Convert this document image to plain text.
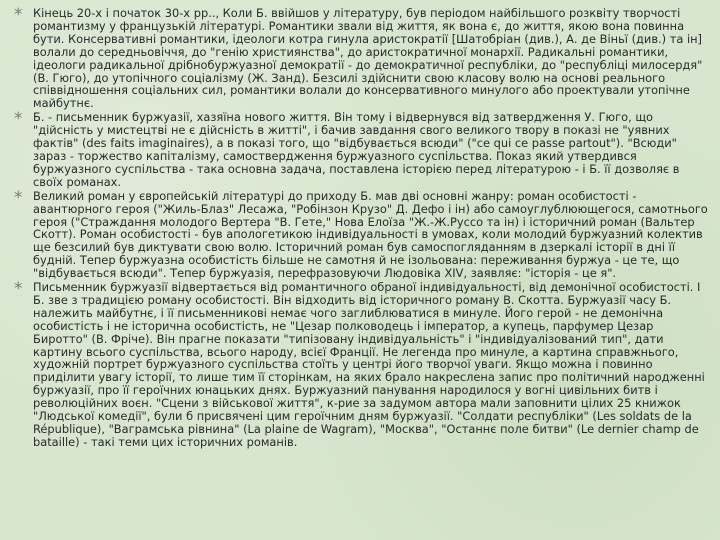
* Кінець 20-х і початок 30-х рр.., Коли Б. ввійшов у літературу, був періодом найбільшого розквіту творчості романтизму у французькій літературі. Романтики звали від життя, як вона є, до життя, якою вона повинна бути. Консервативні романтики, ідеологи котра гинула аристократії [Шатобріан (див.), А. де Віньї (див.) та ін] волали до середньовіччя, до "генію християнства", до аристократичної монархії. Радикальні романтики, ідеологи радикальної дрібнобуржуазної демократії - до демократичної республіки, до "республіці милосердя" (В. Гюго), до утопічного соціалізму (Ж. Занд). Безсилі здійснити свою класову волю на основі реального співвідношення соціальних сил, романтики волали до консервативного минулого або проектували утопічне майбутнє.
* Б. - письменник буржуазії, хазяїна нового життя. Він тому і відвернувся від затвердження У. Гюго, що "дійсність у мистецтві не є дійсність в житті", і бачив завдання свого великого твору в показі не "уявних фактів" (des faits imaginaires), а в показі того, що "відбувається всюди" ("ce qui ce passe partout"). "Всюди" зараз - торжество капіталізму, самоствердження буржуазного суспільства. Показ який утвердився буржуазного суспільства - така основна задача, поставлена історією перед літературою - і Б. її дозволяє в своїх романах.
* Великий роман у європейській літературі до приходу Б. мав дві основні жанру: роман особистості - авантюрного героя ("Жиль-Блаз" Лесажа, "Робінзон Крузо" Д. Дефо і ін) або самоуглублюющегося, самотнього героя ("Страждання молодого Вертера "В. Гете," Нова Елоїза "Ж.-Ж.Руссо та ін) і історичний роман (Вальтер Скотт). Роман особистості - був апологетикою індивідуальності в умовах, коли молодий буржуазний колектив ще безсилий був диктувати свою волю. Історичний роман був самоспогляданням в дзеркалі історії в дні її будній. Тепер буржуазна особистість більше не самотня й не ізольована: переживання буржуа - це те, що "відбувається всюди". Тепер буржуазія, перефразовуючи Людовіка XIV, заявляє: "історія - це я".
* Письменник буржуазії відвертається від романтичного обраної індивідуальності, від демонічної особистості. І Б. зве з традицією роману особистості. Він відходить від історичного роману В. Скотта. Буржуазії часу Б. належить майбутнє, і її письменникові немає чого заглиблюватися в минуле. Його герой - не демонічна особистість і не історична особистість, не "Цезар полководець і імператор, а купець, парфумер Цезар Биротто" (В. Фріче). Він прагне показати "типізовану індивідуальність" і "індивідуалізований тип", дати картину всього суспільства, всього народу, всієї Франції. Не легенда про минуле, а картина справжнього, художній портрет буржуазного суспільства стоїть у центрі його творчої уваги. Якщо можна і повинно приділити увагу історії, то лише тим її сторінкам, на яких брало накреслена запис про політичний народженні буржуазії, про її героїчних юнацьких днях. Буржуазний панування народилося у вогні цивільних битв і революційних воєн. "Сцени з військової життя", к-рие за задумом автора мали заповнити цілих 25 книжок "Людської комедії", були б присвячені цим героїчним дням буржуазії. "Солдати республіки" (Les soldats de la République), "Ваграмська рівнина" (La plaine de Wagram), "Москва", "Останнє поле битви" (Le dernier champ de bataille) - такі теми цих історичних романів.
